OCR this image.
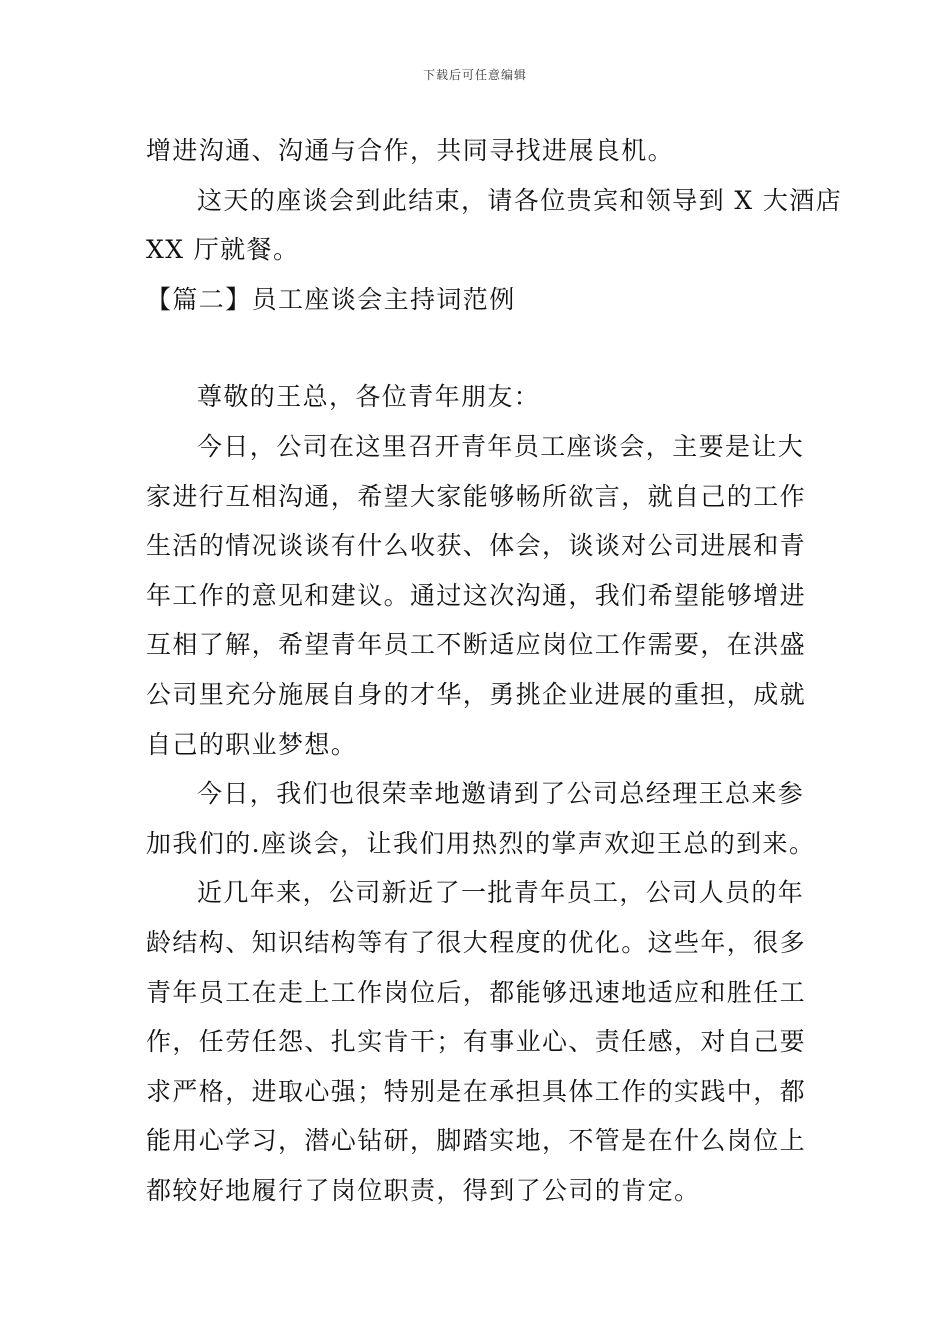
下载后可任意编辑
增进沟通、沟通与合作，共同寻找进展良机。
这天的座谈会到此结束，请各位贵宾和领导到 X 大酒店
XX 厅就餐。
【篇二】员工座谈会主持词范例
尊敬的王总，各位青年朋友：
今日，公司在这里召开青年员工座谈会，主要是让大
家进行互相沟通，希望大家能够畅所欲言，就自己的工作
生活的情况谈谈有什么收获、体会，谈谈对公司进展和青
年工作的意见和建议。通过这次沟通，我们希望能够增进
互相了解，希望青年员工不断适应岗位工作需要，在洪盛
公司里充分施展自身的才华，勇挑企业进展的重担，成就
自己的职业梦想。
今日，我们也很荣幸地邀请到了公司总经理王总来参
加我们的.座谈会，让我们用热烈的掌声欢迎王总的到来。
近几年来，公司新近了一批青年员工，公司人员的年
龄结构、知识结构等有了很大程度的优化。这些年，很多
青年员工在走上工作岗位后，都能够迅速地适应和胜任工
作，任劳任怨、扎实肯干；有事业心、责任感，对自己要
求严格，进取心强；特别是在承担具体工作的实践中，都
能用心学习，潜心钻研，脚踏实地，不管是在什么岗位上
都较好地履行了岗位职责，得到了公司的肯定。
